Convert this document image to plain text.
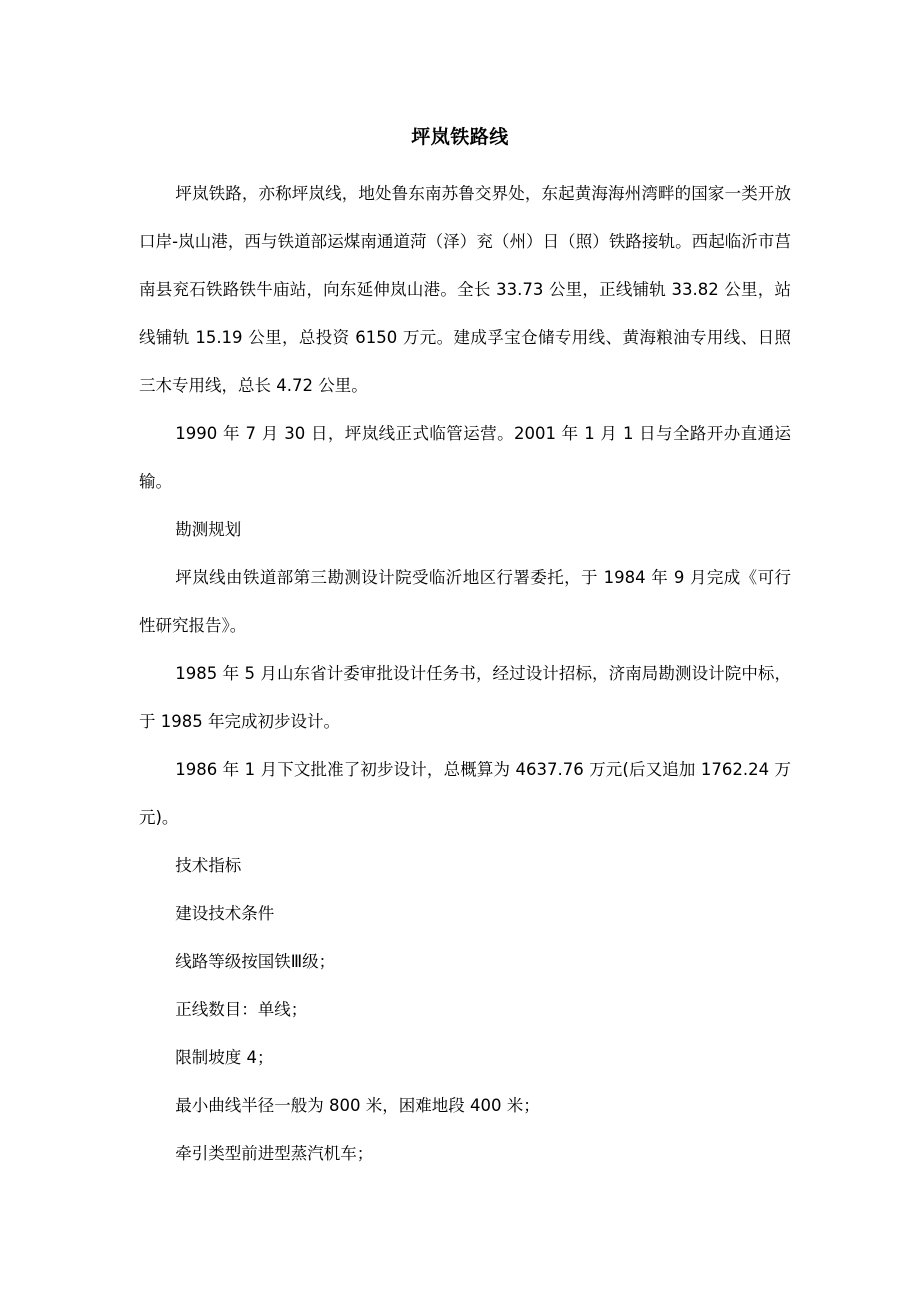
坪岚铁路线

坪岚铁路，亦称坪岚线，地处鲁东南苏鲁交界处，东起黄海海州湾畔的国家一类开放口岸-岚山港，西与铁道部运煤南通道菏（泽）兖（州）日（照）铁路接轨。西起临沂市莒南县兖石铁路铁牛庙站，向东延伸岚山港。全长 33.73 公里，正线铺轨 33.82 公里，站线铺轨 15.19 公里，总投资 6150 万元。建成孚宝仓储专用线、黄海粮油专用线、日照三木专用线，总长 4.72 公里。

1990 年 7 月 30 日，坪岚线正式临管运营。2001 年 1 月 1 日与全路开办直通运输。

勘测规划

坪岚线由铁道部第三勘测设计院受临沂地区行署委托，于 1984 年 9 月完成《可行性研究报告》。

1985 年 5 月山东省计委审批设计任务书，经过设计招标，济南局勘测设计院中标，于 1985 年完成初步设计。

1986 年 1 月下文批准了初步设计，总概算为 4637.76 万元(后又追加 1762.24 万元)。

技术指标

建设技术条件

线路等级按国铁Ⅲ级；

正线数目：单线；

限制坡度 4；

最小曲线半径一般为 800 米，困难地段 400 米；

牵引类型前进型蒸汽机车；
